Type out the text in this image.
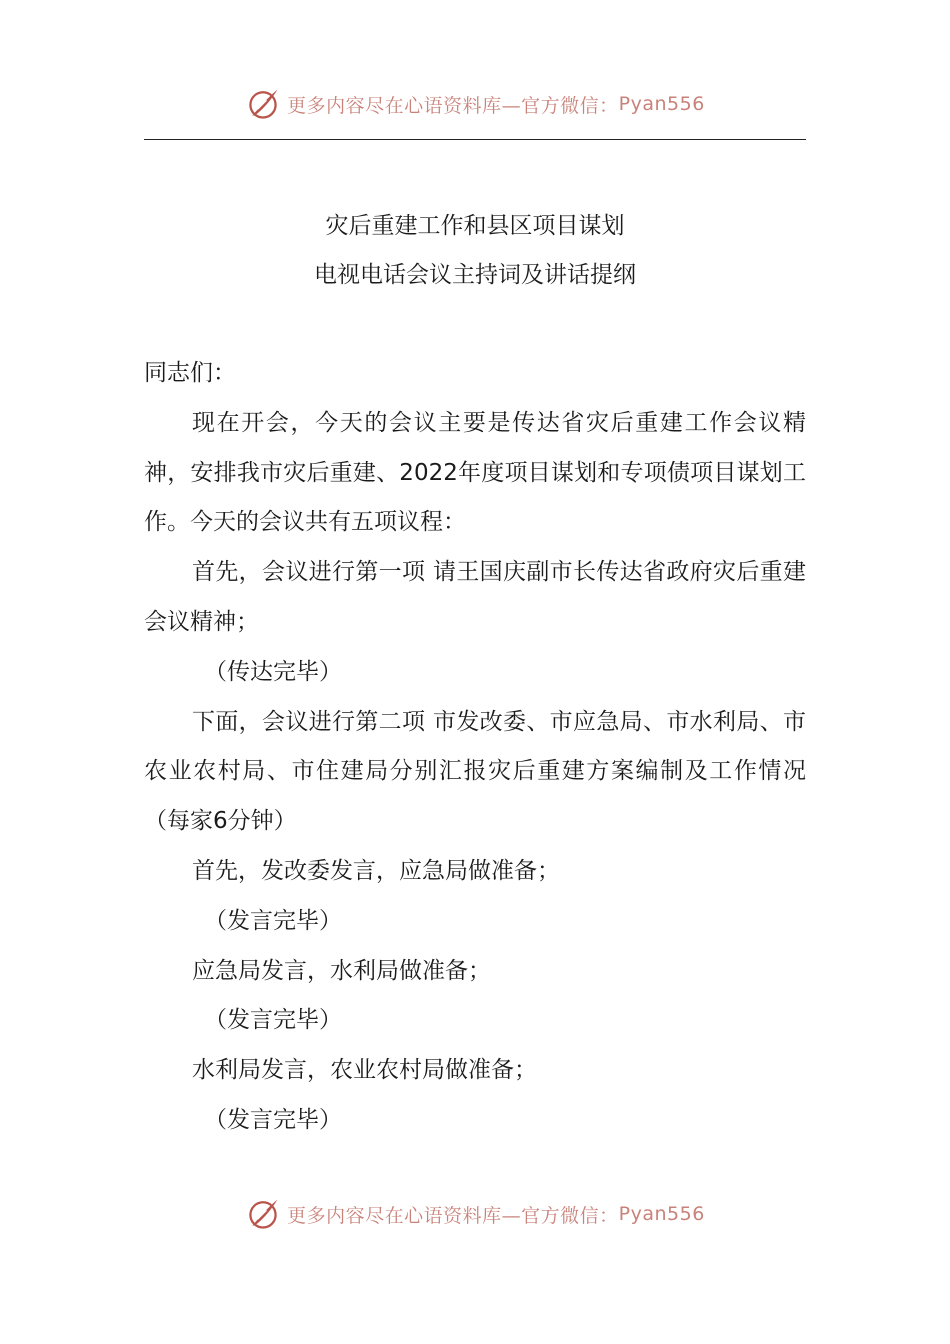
更多内容尽在心语资料库—官方微信： Pyan556
灾后重建工作和县区项目谋划
电视电话会议主持词及讲话提纲

同志们：

现在开会，今天的会议主要是传达省灾后重建工作会议精神，安排我市灾后重建、2022年度项目谋划和专项债项目谋划工作。今天的会议共有五项议程：

首先，会议进行第一项 请王国庆副市长传达省政府灾后重建会议精神；

（传达完毕）

下面，会议进行第二项 市发改委、市应急局、市水利局、市农业农村局、市住建局分别汇报灾后重建方案编制及工作情况（每家6分钟）

首先，发改委发言，应急局做准备；

（发言完毕）

应急局发言，水利局做准备；

（发言完毕）

水利局发言，农业农村局做准备；

（发言完毕）

更多内容尽在心语资料库—官方微信： Pyan556
